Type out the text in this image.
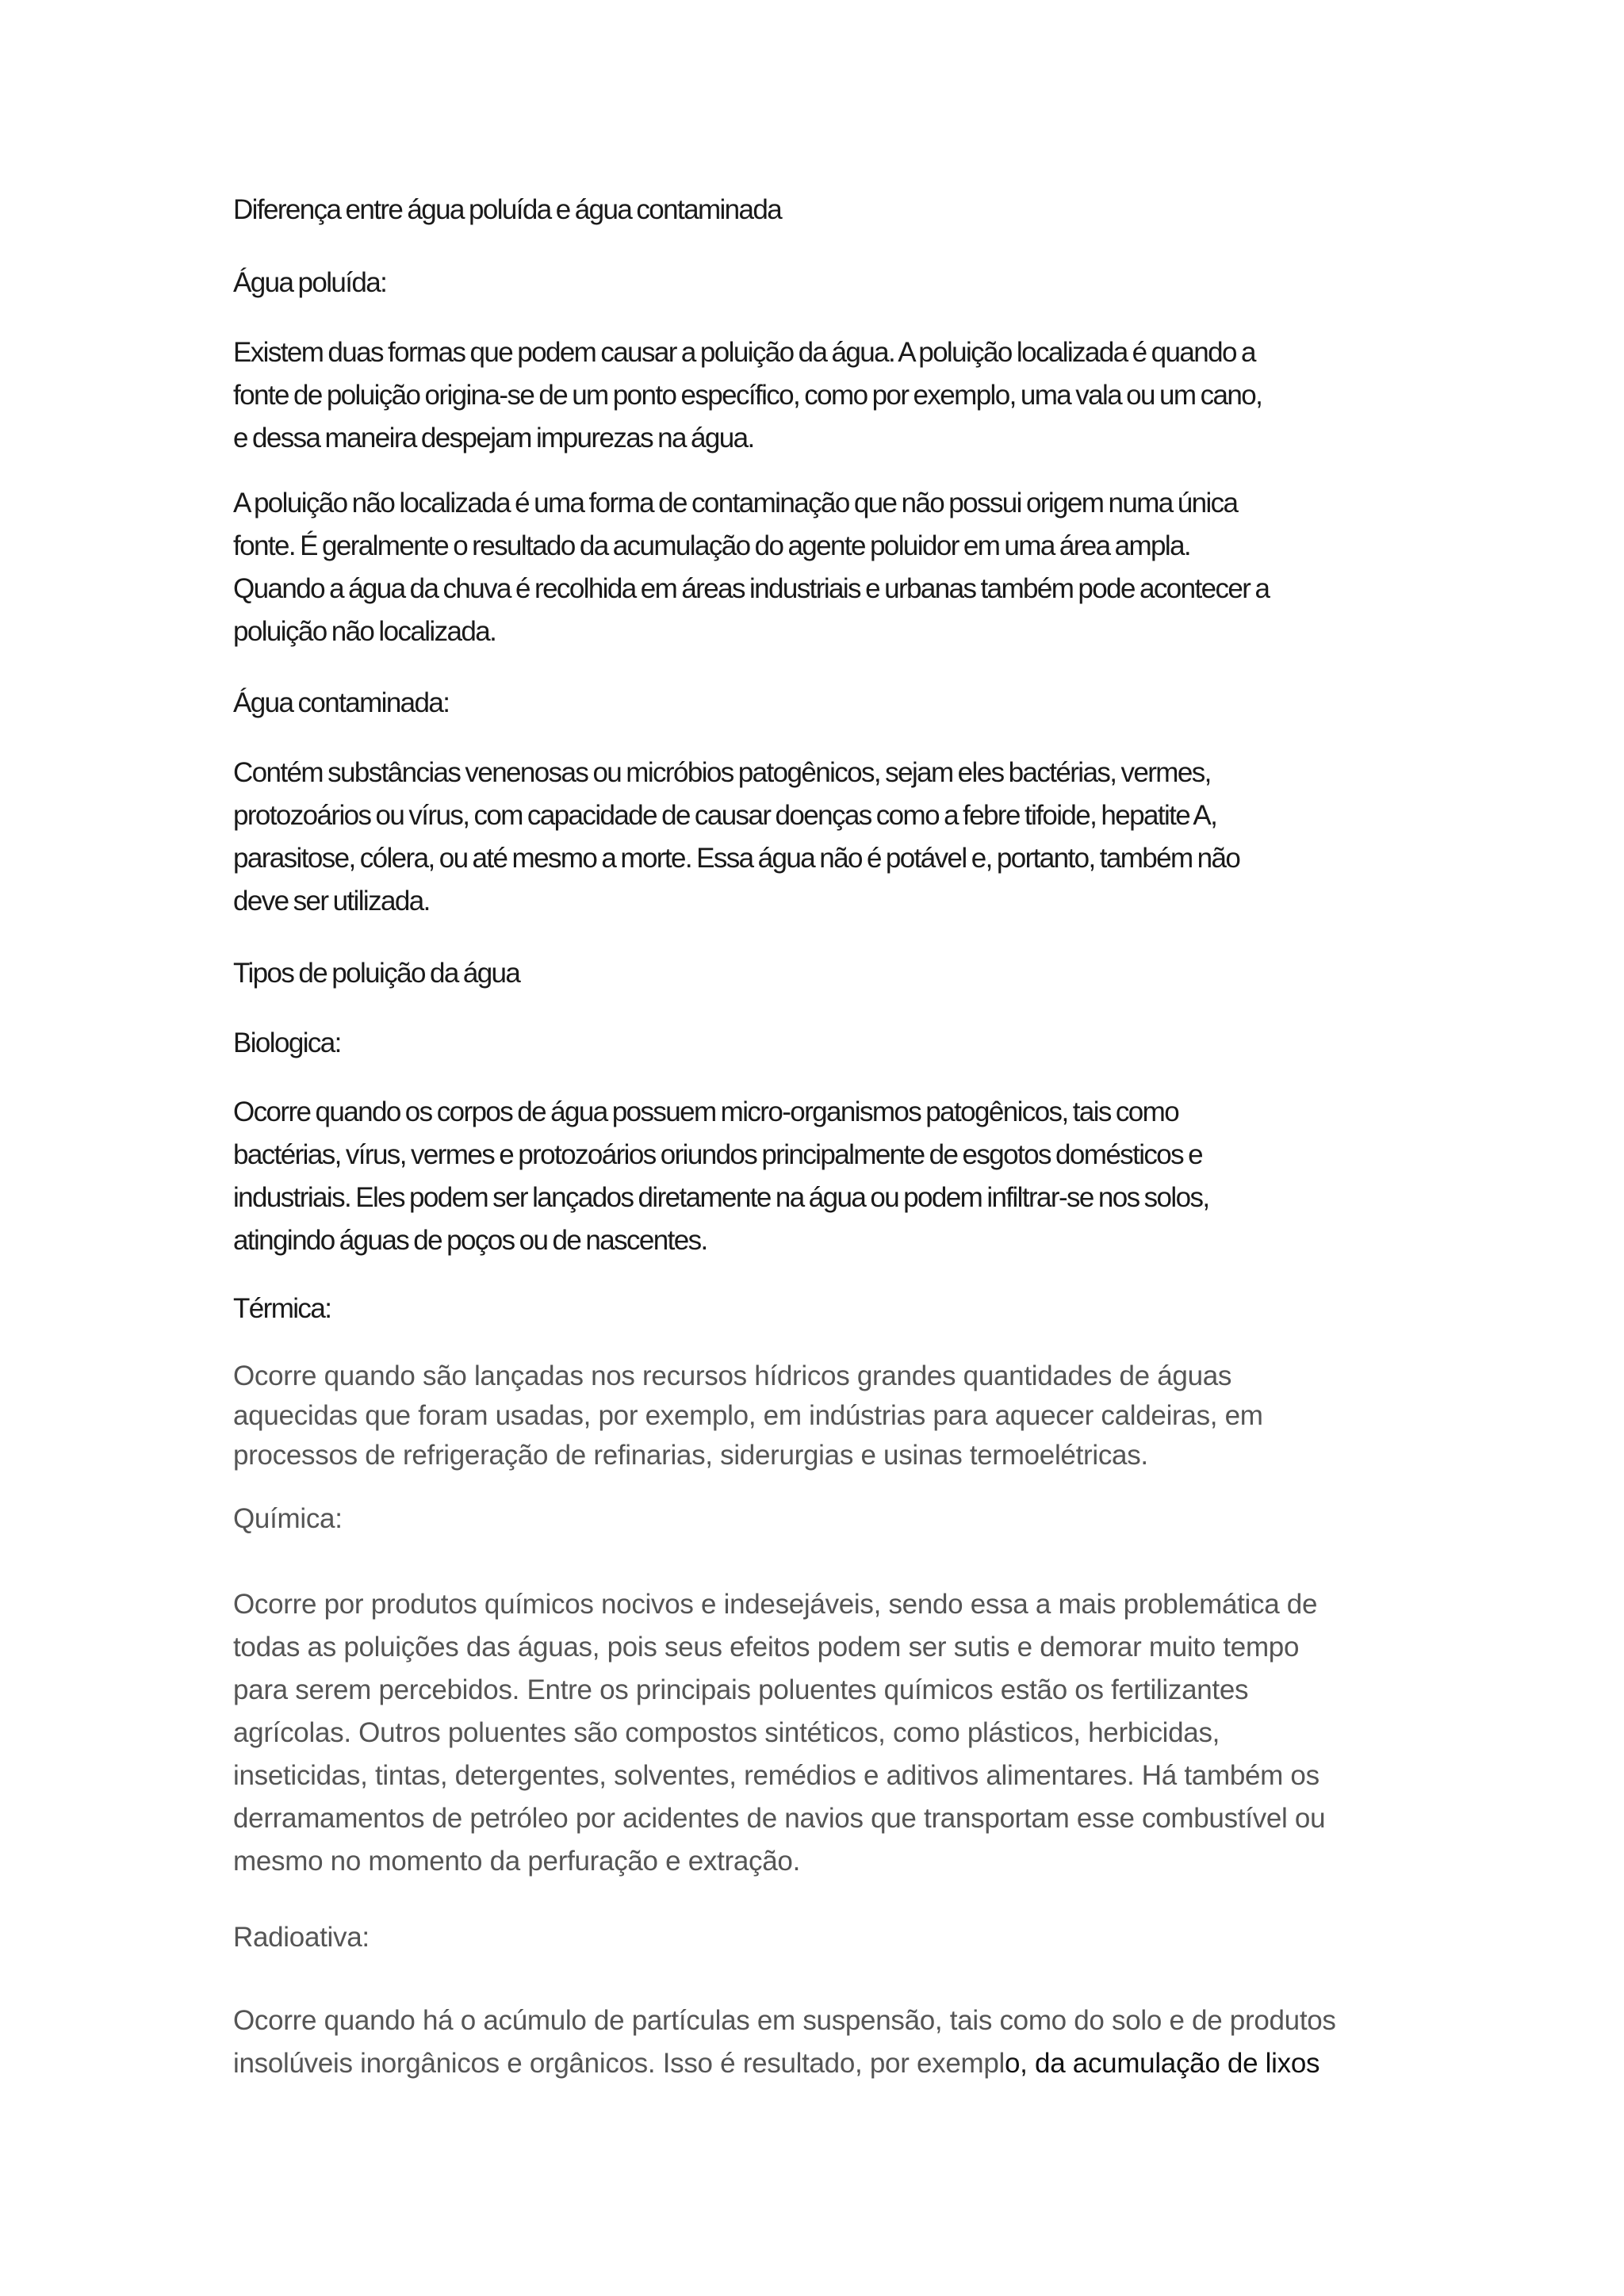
Diferença entre água poluída e água contaminada

Água poluída:

Existem duas formas que podem causar a poluição da água. A poluição localizada é quando a
fonte de poluição origina-se de um ponto específico, como por exemplo, uma vala ou um cano,
e dessa maneira despejam impurezas na água.

A poluição não localizada é uma forma de contaminação que não possui origem numa única
fonte. É geralmente o resultado da acumulação do agente poluidor em uma área ampla.
Quando a água da chuva é recolhida em áreas industriais e urbanas também pode acontecer a
poluição não localizada.

Água contaminada:

Contém substâncias venenosas ou micróbios patogênicos, sejam eles bactérias, vermes,
protozoários ou vírus, com capacidade de causar doenças como a febre tifoide, hepatite A,
parasitose, cólera, ou até mesmo a morte. Essa água não é potável e, portanto, também não
deve ser utilizada.

Tipos de poluição da água

Biologica:

Ocorre quando os corpos de água possuem micro-organismos patogênicos, tais como
bactérias, vírus, vermes e protozoários oriundos principalmente de esgotos domésticos e
industriais. Eles podem ser lançados diretamente na água ou podem infiltrar-se nos solos,
atingindo águas de poços ou de nascentes.

Térmica:

Ocorre quando são lançadas nos recursos hídricos grandes quantidades de águas
aquecidas que foram usadas, por exemplo, em indústrias para aquecer caldeiras, em
processos de refrigeração de refinarias, siderurgias e usinas termoelétricas.

Química:

Ocorre por produtos químicos nocivos e indesejáveis, sendo essa a mais problemática de
todas as poluições das águas, pois seus efeitos podem ser sutis e demorar muito tempo
para serem percebidos. Entre os principais poluentes químicos estão os fertilizantes
agrícolas. Outros poluentes são compostos sintéticos, como plásticos, herbicidas,
inseticidas, tintas, detergentes, solventes, remédios e aditivos alimentares. Há também os
derramamentos de petróleo por acidentes de navios que transportam esse combustível ou
mesmo no momento da perfuração e extração.

Radioativa:

Ocorre quando há o acúmulo de partículas em suspensão, tais como do solo e de produtos
insolúveis inorgânicos e orgânicos. Isso é resultado, por exemplo, da acumulação de lixos
